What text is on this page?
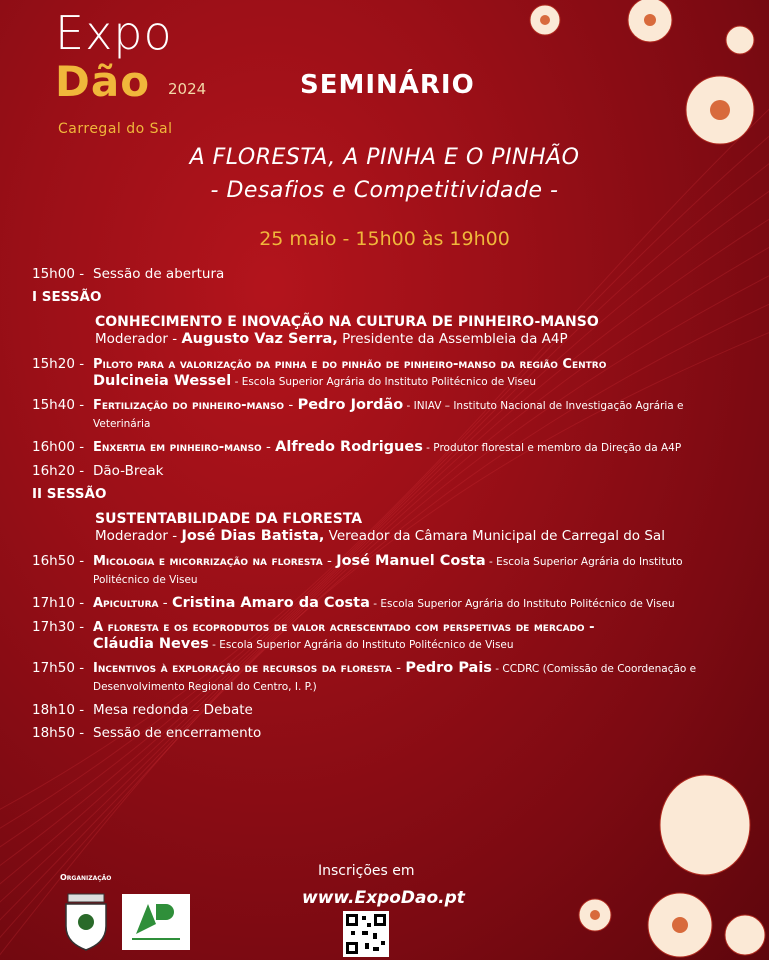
Expo
Dão 2024
Carregal do Sal
SEMINÁRIO
A FLORESTA, A PINHA E O PINHÃO
- Desafios e Competitividade -
25 maio - 15h00 às 19h00
15h00 - Sessão de abertura
I SESSÃO
CONHECIMENTO E INOVAÇÃO NA CULTURA DE PINHEIRO-MANSO
Moderador - Augusto Vaz Serra, Presidente da Assembleia da A4P
15h20 - Piloto para a valorização da pinha e do pinhão de pinheiro-manso da região Centro
Dulcineia Wessel - Escola Superior Agrária do Instituto Politécnico de Viseu
15h40 - Fertilização do pinheiro-manso - Pedro Jordão - INIAV – Instituto Nacional de Investigação Agrária e Veterinária
16h00 - Enxertia em pinheiro-manso - Alfredo Rodrigues - Produtor florestal e membro da Direção da A4P
16h20 - Dão-Break
II SESSÃO
SUSTENTABILIDADE DA FLORESTA
Moderador - José Dias Batista, Vereador da Câmara Municipal de Carregal do Sal
16h50 - Micologia e micorrização na floresta - José Manuel Costa - Escola Superior Agrária do Instituto Politécnico de Viseu
17h10 - Apicultura - Cristina Amaro da Costa - Escola Superior Agrária do Instituto Politécnico de Viseu
17h30 - A floresta e os ecoprodutos de valor acrescentado com perspetivas de mercado -
Cláudia Neves - Escola Superior Agrária do Instituto Politécnico de Viseu
17h50 - Incentivos à exploração de recursos da floresta - Pedro Pais - CCDRC (Comissão de Coordenação e Desenvolvimento Regional do Centro, I. P.)
18h10 - Mesa redonda – Debate
18h50 - Sessão de encerramento
Organização	Inscrições em
www.ExpoDao.pt
